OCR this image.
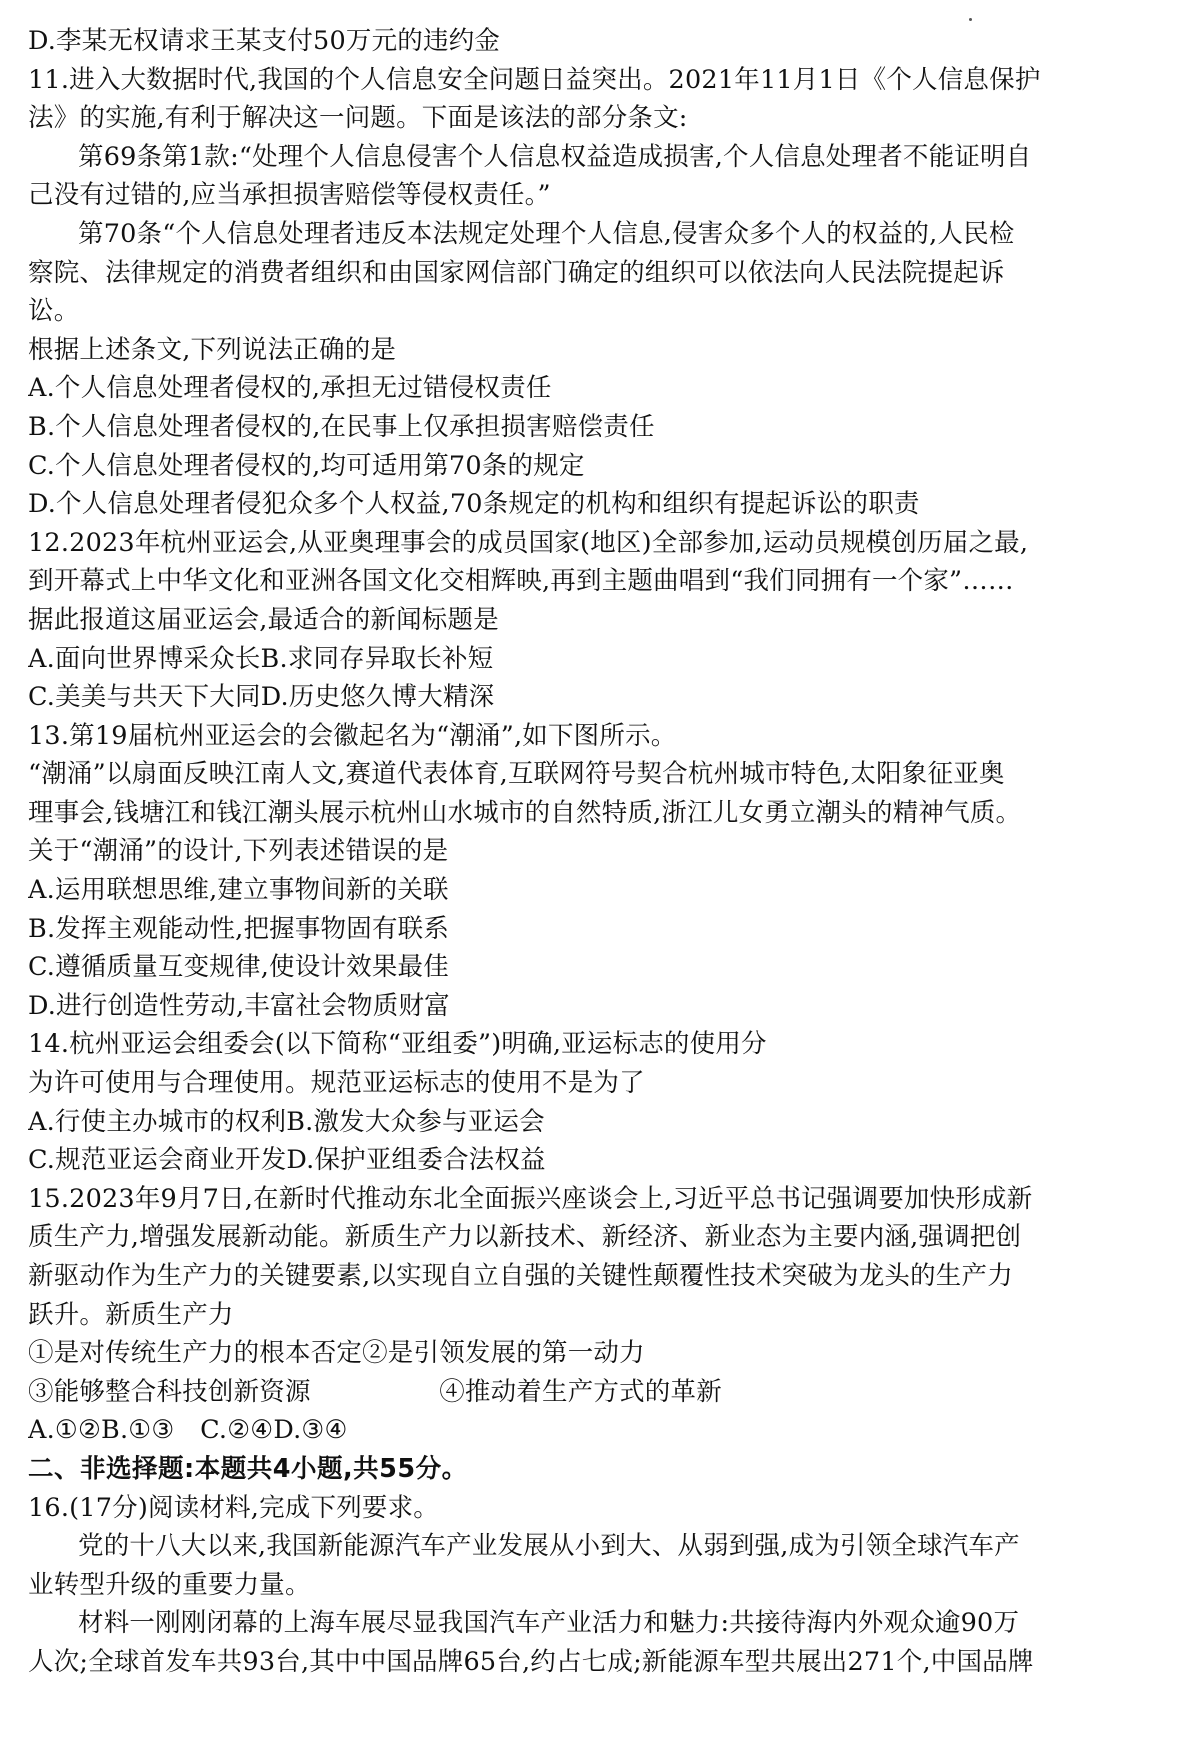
D.李某无权请求王某支付50万元的违约金
11.进入大数据时代,我国的个人信息安全问题日益突出。2021年11月1日《个人信息保护
法》的实施,有利于解决这一问题。下面是该法的部分条文:
第69条第1款:“处理个人信息侵害个人信息权益造成损害,个人信息处理者不能证明自
己没有过错的,应当承担损害赔偿等侵权责任。”
第70条“个人信息处理者违反本法规定处理个人信息,侵害众多个人的权益的,人民检
察院、法律规定的消费者组织和由国家网信部门确定的组织可以依法向人民法院提起诉
讼。
根据上述条文,下列说法正确的是
A.个人信息处理者侵权的,承担无过错侵权责任
B.个人信息处理者侵权的,在民事上仅承担损害赔偿责任
C.个人信息处理者侵权的,均可适用第70条的规定
D.个人信息处理者侵犯众多个人权益,70条规定的机构和组织有提起诉讼的职责
12.2023年杭州亚运会,从亚奥理事会的成员国家(地区)全部参加,运动员规模创历届之最,
到开幕式上中华文化和亚洲各国文化交相辉映,再到主题曲唱到“我们同拥有一个家”……
据此报道这届亚运会,最适合的新闻标题是
A.面向世界博采众长B.求同存异取长补短
C.美美与共天下大同D.历史悠久博大精深
13.第19届杭州亚运会的会徽起名为“潮涌”,如下图所示。
“潮涌”以扇面反映江南人文,赛道代表体育,互联网符号契合杭州城市特色,太阳象征亚奥
理事会,钱塘江和钱江潮头展示杭州山水城市的自然特质,浙江儿女勇立潮头的精神气质。
关于“潮涌”的设计,下列表述错误的是
A.运用联想思维,建立事物间新的关联
B.发挥主观能动性,把握事物固有联系
C.遵循质量互变规律,使设计效果最佳
D.进行创造性劳动,丰富社会物质财富
14.杭州亚运会组委会(以下简称“亚组委”)明确,亚运标志的使用分
为许可使用与合理使用。规范亚运标志的使用不是为了
A.行使主办城市的权利B.激发大众参与亚运会
C.规范亚运会商业开发D.保护亚组委合法权益
15.2023年9月7日,在新时代推动东北全面振兴座谈会上,习近平总书记强调要加快形成新
质生产力,增强发展新动能。新质生产力以新技术、新经济、新业态为主要内涵,强调把创
新驱动作为生产力的关键要素,以实现自立自强的关键性颠覆性技术突破为龙头的生产力
跃升。新质生产力
①是对传统生产力的根本否定②是引领发展的第一动力
③能够整合科技创新资源　　　　　④推动着生产方式的革新
A.①②B.①③　C.②④D.③④
二、非选择题:本题共4小题,共55分。
16.(17分)阅读材料,完成下列要求。
党的十八大以来,我国新能源汽车产业发展从小到大、从弱到强,成为引领全球汽车产
业转型升级的重要力量。
材料一刚刚闭幕的上海车展尽显我国汽车产业活力和魅力:共接待海内外观众逾90万
人次;全球首发车共93台,其中中国品牌65台,约占七成;新能源车型共展出271个,中国品牌
